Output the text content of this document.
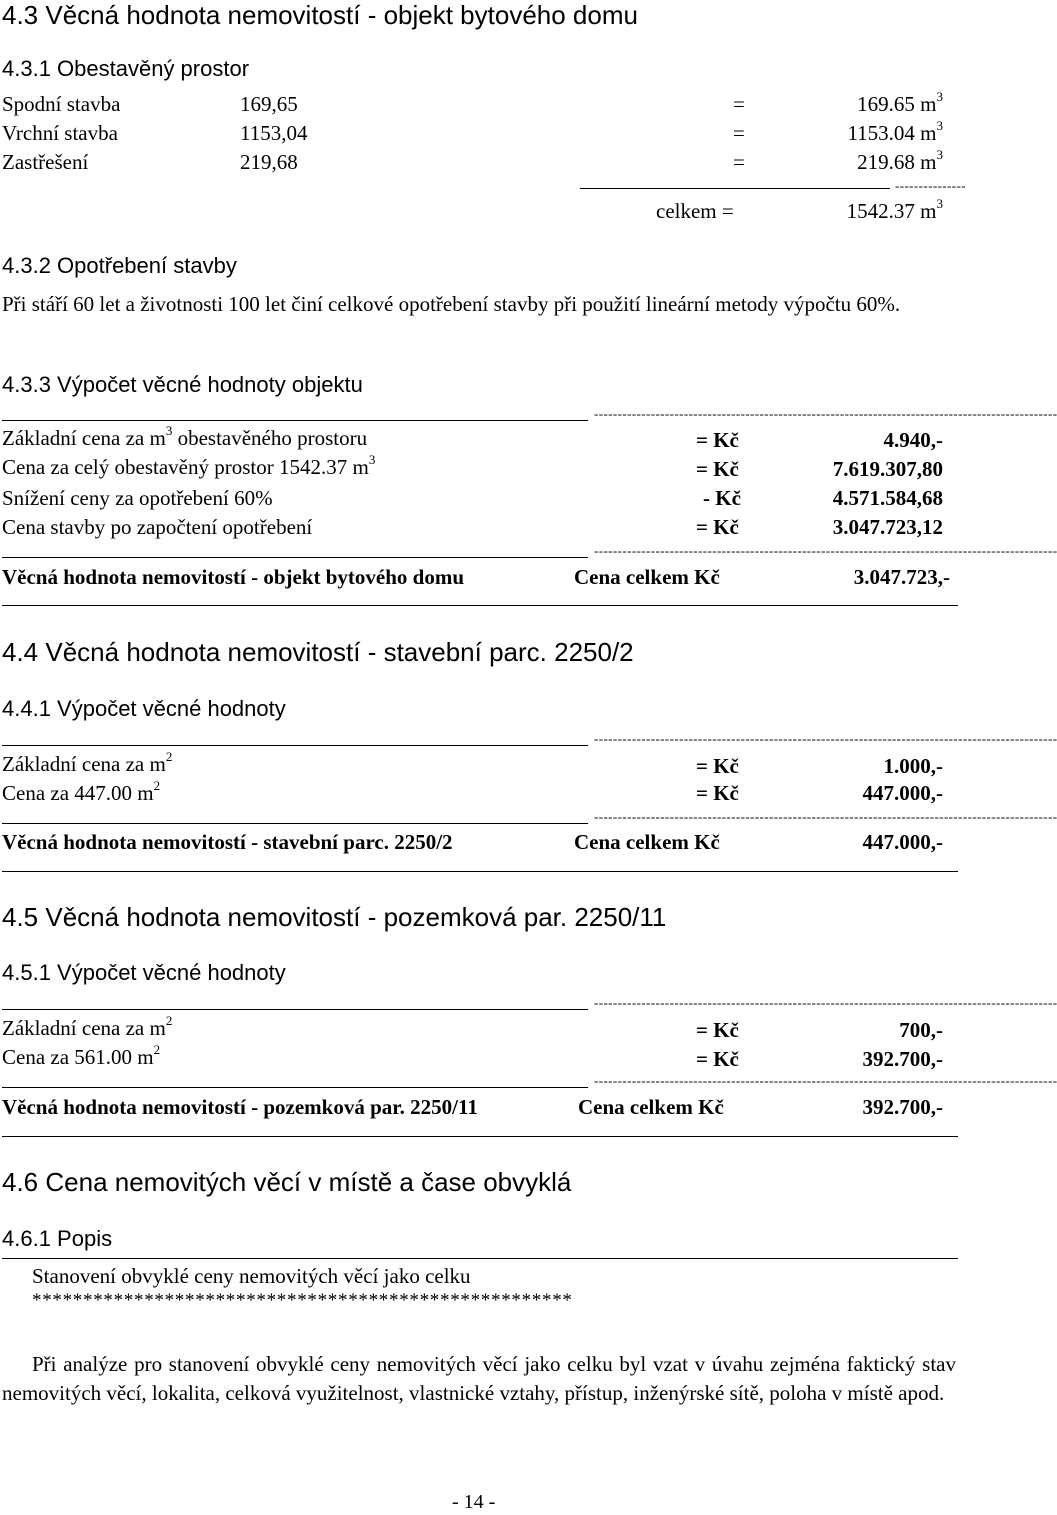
4.3 Věcná hodnota nemovitostí - objekt bytového domu
4.3.1 Obestavěný prostor
Spodní stavba	169,65	=	169.65 $m^3$
Vrchní stavba	1153,04	=	1153.04 $m^3$
Zastřešení	219,68	=	219.68 $m^3$
---------------
celkem =	1542.37 $m^3$
4.3.2 Opotřebení stavby
Při stáří 60 let a životnosti 100 let činí celkové opotřebení stavby při použití lineární metody výpočtu 60%.
4.3.3 Výpočet věcné hodnoty objektu
--------------------------------------------------------------------------------------------------
Základní cena za $m^3$ obestavěného prostoru	= Kč	4.940,-
Cena za celý obestavěný prostor 1542.37 $m^3$	= Kč	7.619.307,80
Snížení ceny za opotřebení 60%	- Kč	4.571.584,68
Cena stavby po započtení opotřebení	= Kč	3.047.723,12
--------------------------------------------------------------------------------------------------
Věcná hodnota nemovitostí - objekt bytového domu	Cena celkem Kč	3.047.723,-
4.4 Věcná hodnota nemovitostí - stavební parc. 2250/2
4.4.1 Výpočet věcné hodnoty
--------------------------------------------------------------------------------------------------
Základní cena za $m^2$	= Kč	1.000,-
Cena za 447.00 $m^2$	= Kč	447.000,-
--------------------------------------------------------------------------------------------------
Věcná hodnota nemovitostí - stavební parc. 2250/2	Cena celkem Kč	447.000,-
4.5 Věcná hodnota nemovitostí - pozemková par. 2250/11
4.5.1 Výpočet věcné hodnoty
--------------------------------------------------------------------------------------------------
Základní cena za $m^2$	= Kč	700,-
Cena za 561.00 $m^2$	= Kč	392.700,-
--------------------------------------------------------------------------------------------------
Věcná hodnota nemovitostí - pozemková par. 2250/11	Cena celkem Kč	392.700,-
4.6 Cena nemovitých věcí v místě a čase obvyklá
4.6.1 Popis
Stanovení obvyklé ceny nemovitých věcí jako celku
*****************************************************
Při analýze pro stanovení obvyklé ceny nemovitých věcí jako celku byl vzat v úvahu zejména faktický stav nemovitých věcí, lokalita, celková využitelnost, vlastnické vztahy, přístup, inženýrské sítě, poloha v místě apod.
- 14 -
